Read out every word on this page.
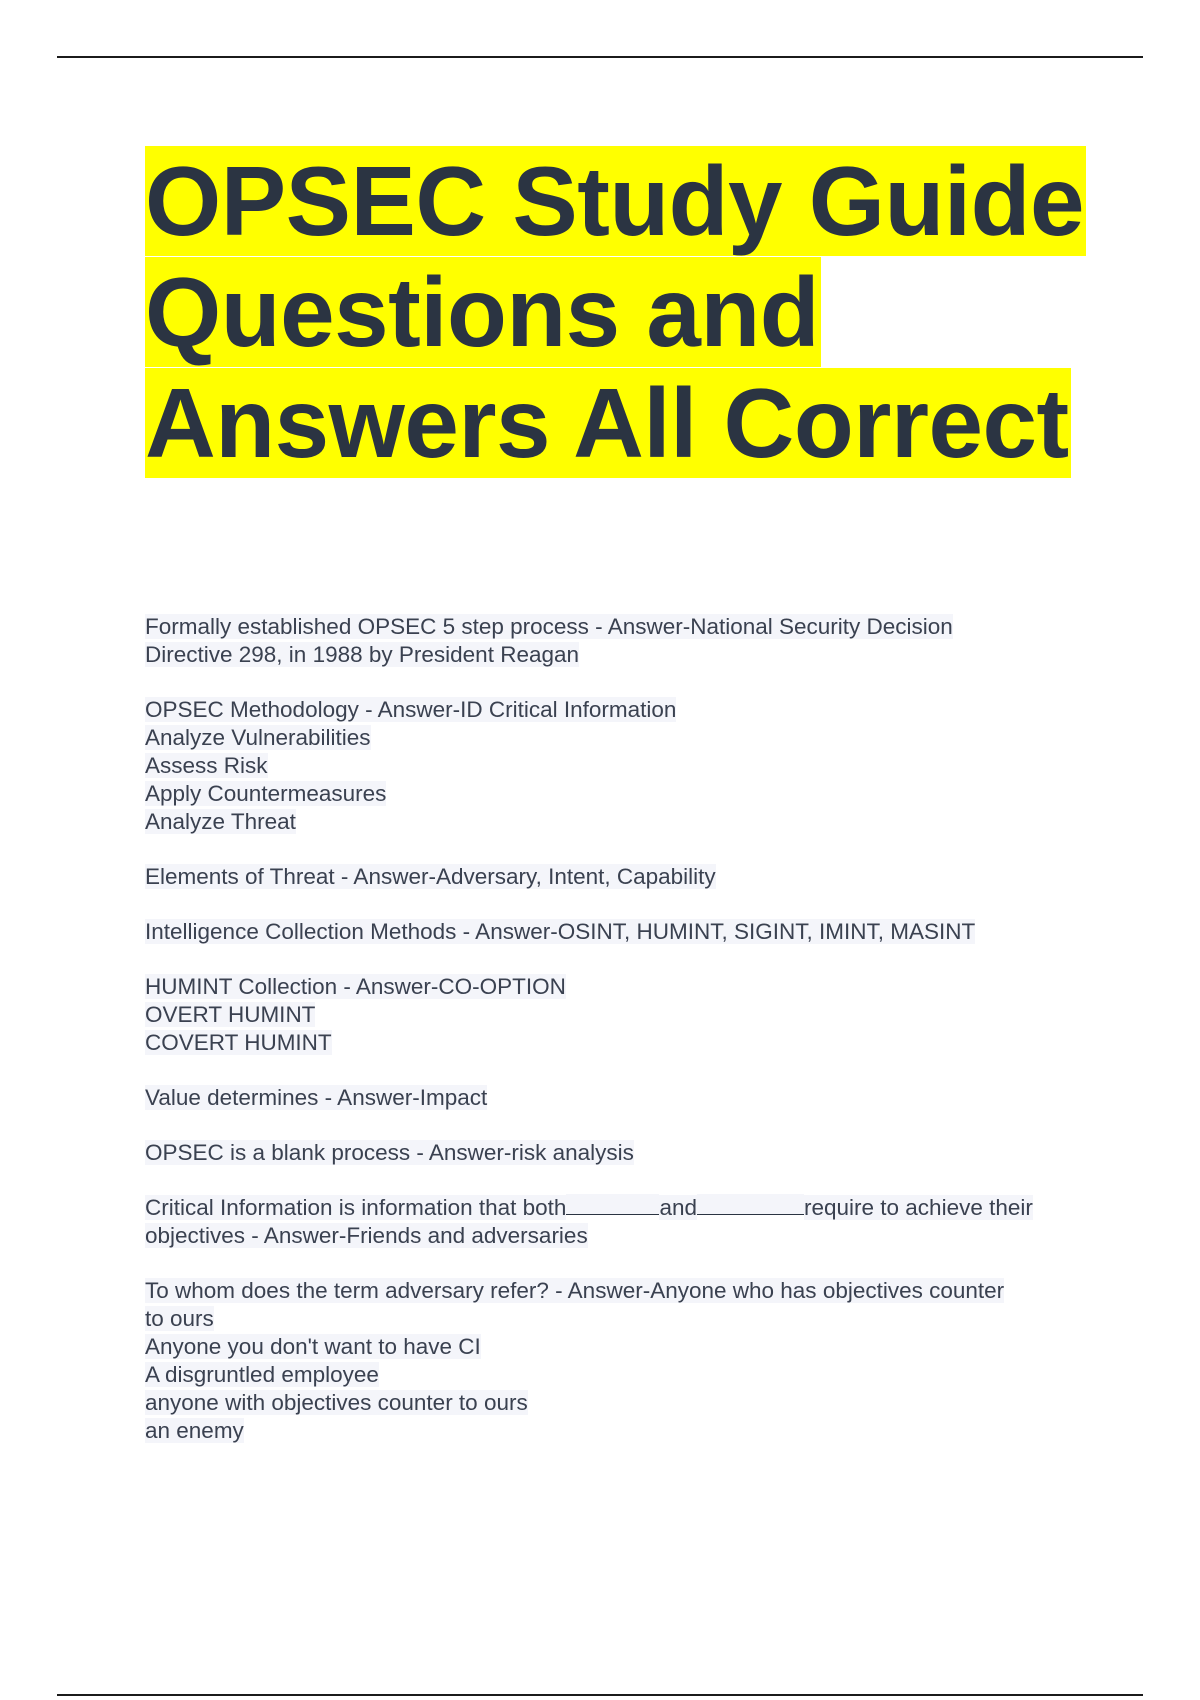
OPSEC Study Guide
Questions and
Answers All Correct
Formally established OPSEC 5 step process - Answer-National Security Decision
Directive 298, in 1988 by President Reagan
OPSEC Methodology - Answer-ID Critical Information
Analyze Vulnerabilities
Assess Risk
Apply Countermeasures
Analyze Threat
Elements of Threat - Answer-Adversary, Intent, Capability
Intelligence Collection Methods - Answer-OSINT, HUMINT, SIGINT, IMINT, MASINT
HUMINT Collection - Answer-CO-OPTION
OVERT HUMINT
COVERT HUMINT
Value determines - Answer-Impact
OPSEC is a blank process - Answer-risk analysis
Critical Information is information that both	and	require to achieve their
objectives - Answer-Friends and adversaries
To whom does the term adversary refer? - Answer-Anyone who has objectives counter
to ours
Anyone you don't want to have CI
A disgruntled employee
anyone with objectives counter to ours
an enemy
